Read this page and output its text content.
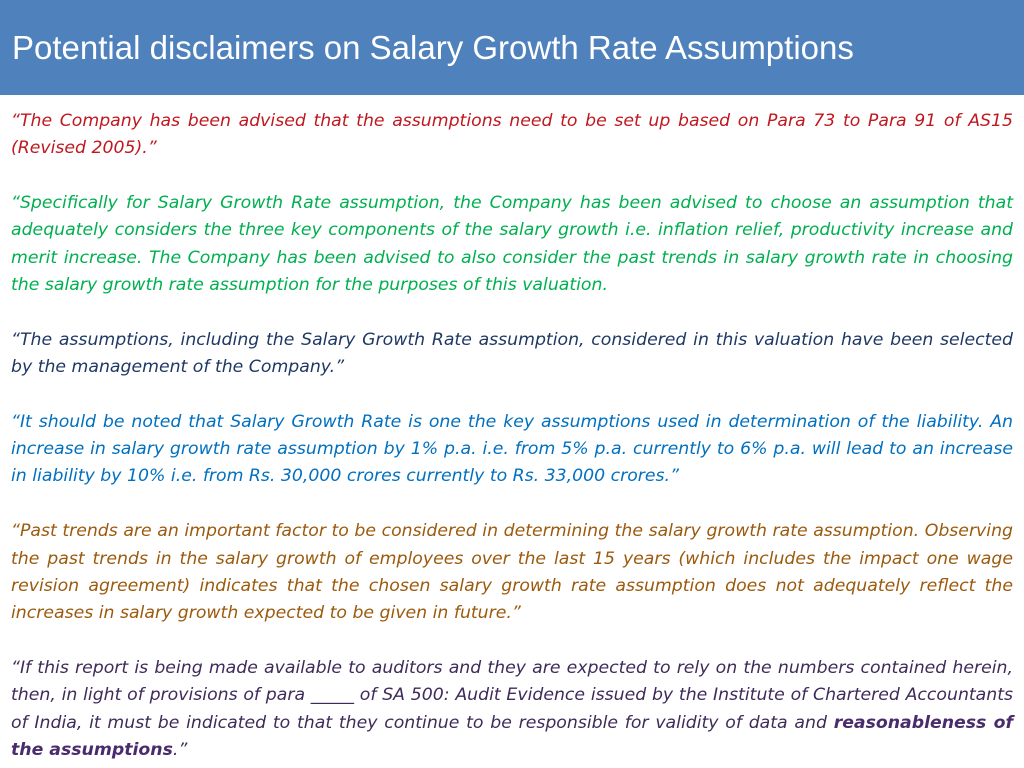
Potential disclaimers on Salary Growth Rate Assumptions

“The Company has been advised that the assumptions need to be set up based on Para 73 to Para 91 of AS15 (Revised 2005).”

“Specifically for Salary Growth Rate assumption, the Company has been advised to choose an assumption that adequately considers the three key components of the salary growth i.e. inflation relief, productivity increase and merit increase. The Company has been advised to also consider the past trends in salary growth rate in choosing the salary growth rate assumption for the purposes of this valuation.

“The assumptions, including the Salary Growth Rate assumption, considered in this valuation have been selected by the management of the Company.”

“It should be noted that Salary Growth Rate is one the key assumptions used in determination of the liability. An increase in salary growth rate assumption by 1% p.a. i.e. from 5% p.a. currently to 6% p.a. will lead to an increase in liability by 10% i.e. from Rs. 30,000 crores currently to Rs. 33,000 crores.”

“Past trends are an important factor to be considered in determining the salary growth rate assumption. Observing the past trends in the salary growth of employees over the last 15 years (which includes the impact one wage revision agreement) indicates that the chosen salary growth rate assumption does not adequately reflect the increases in salary growth expected to be given in future.”

“If this report is being made available to auditors and they are expected to rely on the numbers contained herein, then, in light of provisions of para _____ of SA 500: Audit Evidence issued by the Institute of Chartered Accountants of India, it must be indicated to that they continue to be responsible for validity of data and reasonableness of the assumptions.”
